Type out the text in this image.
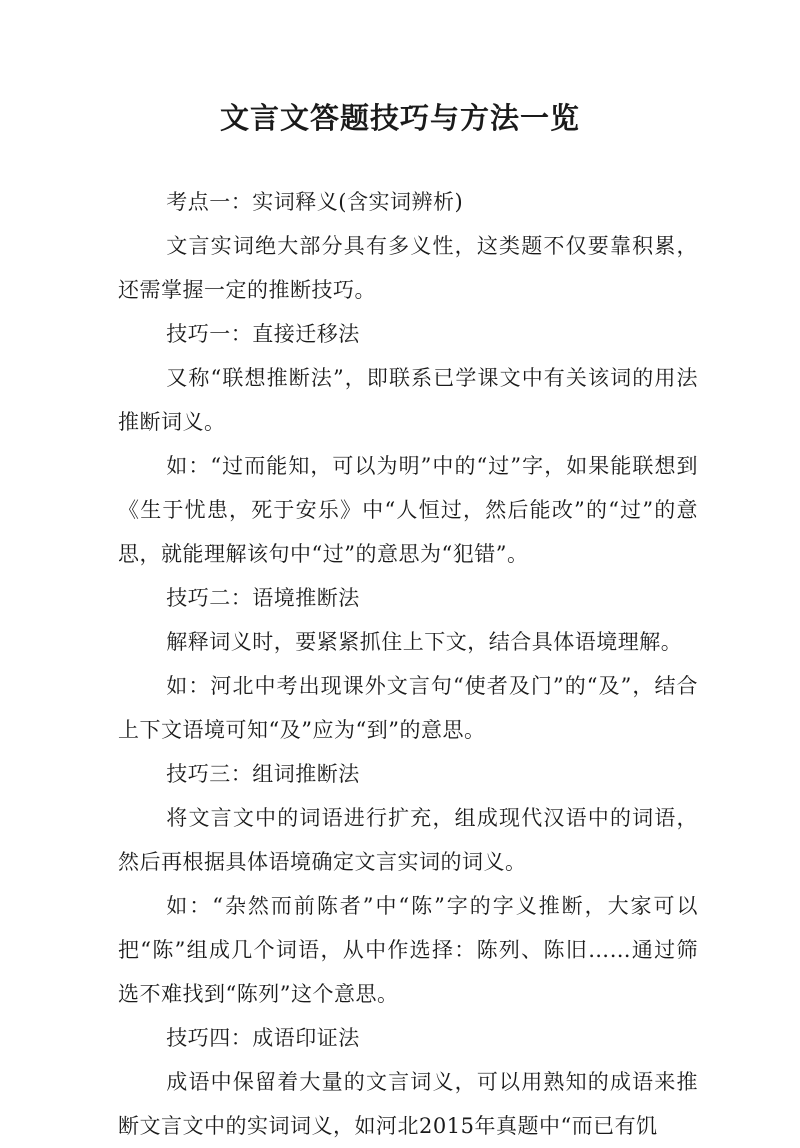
文言文答题技巧与方法一览

考点一：实词释义(含实词辨析)

文言实词绝大部分具有多义性，这类题不仅要靠积累，还需掌握一定的推断技巧。

技巧一：直接迁移法

又称“联想推断法”，即联系已学课文中有关该词的用法推断词义。

如：“过而能知，可以为明”中的“过”字，如果能联想到《生于忧患，死于安乐》中“人恒过，然后能改”的“过”的意思，就能理解该句中“过”的意思为“犯错”。

技巧二：语境推断法

解释词义时，要紧紧抓住上下文，结合具体语境理解。

如：河北中考出现课外文言句“使者及门”的“及”，结合上下文语境可知“及”应为“到”的意思。

技巧三：组词推断法

将文言文中的词语进行扩充，组成现代汉语中的词语，然后再根据具体语境确定文言实词的词义。

如：“杂然而前陈者”中“陈”字的字义推断，大家可以把“陈”组成几个词语，从中作选择：陈列、陈旧……通过筛选不难找到“陈列”这个意思。

技巧四：成语印证法

成语中保留着大量的文言词义，可以用熟知的成语来推断文言文中的实词词义，如河北2015年真题中“而已有饥
